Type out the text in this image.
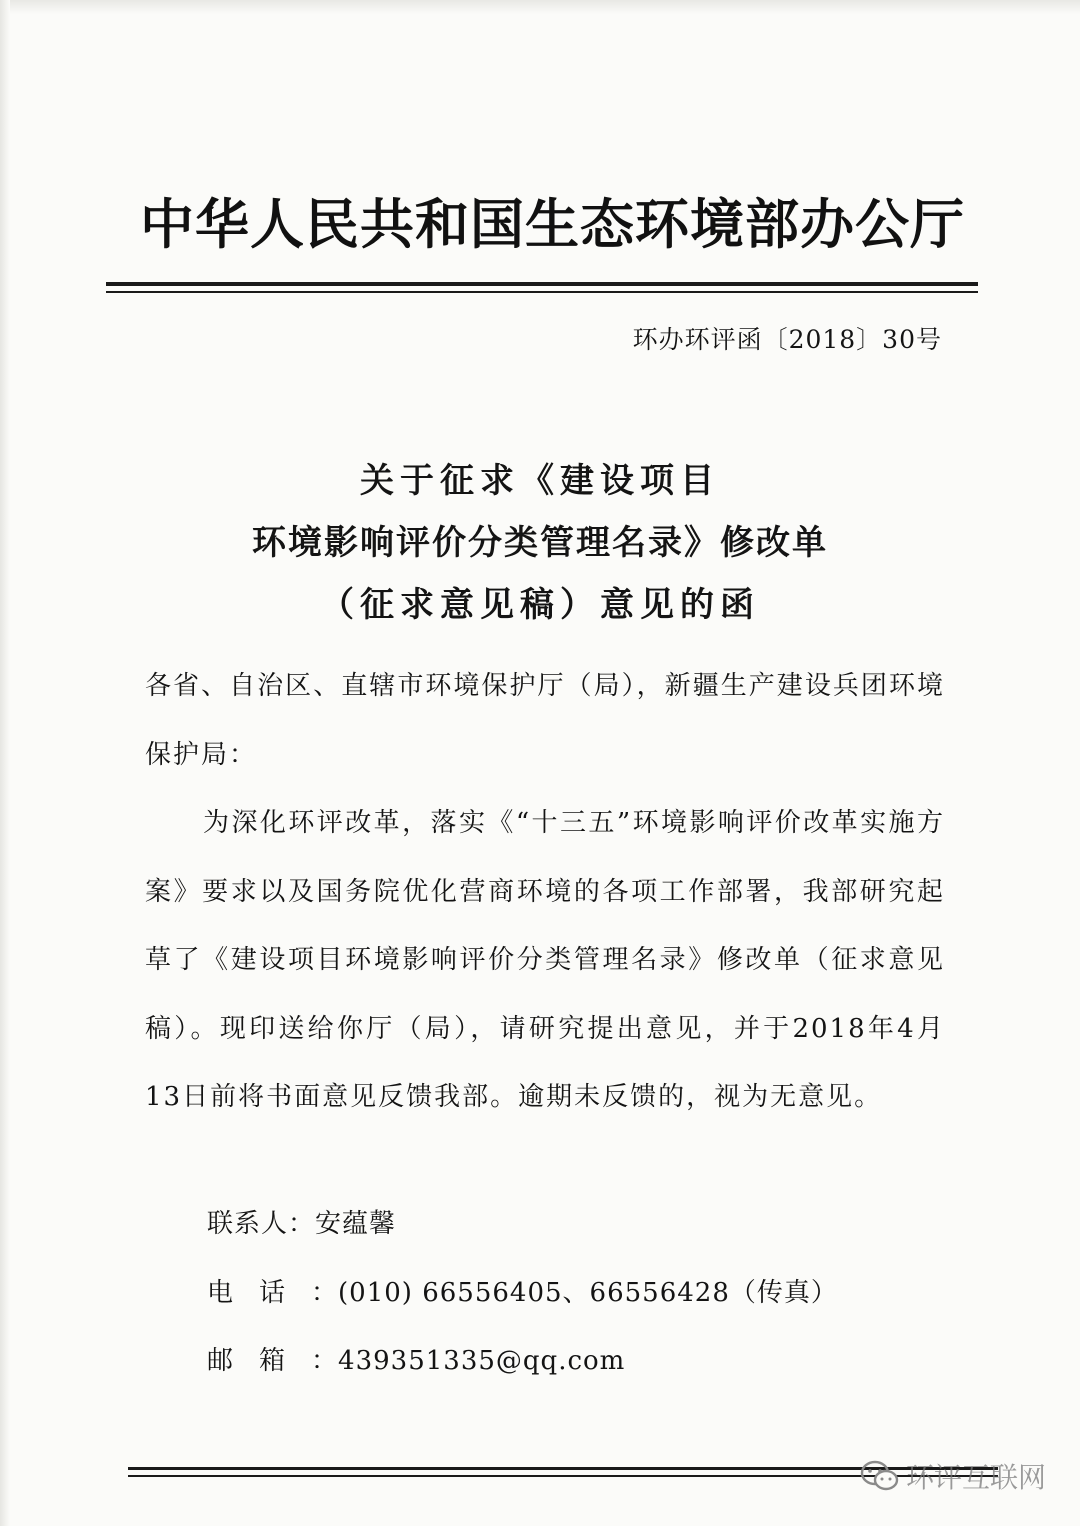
中华人民共和国生态环境部办公厅
环办环评函〔2018〕30号
关于征求《建设项目
环境影响评价分类管理名录》修改单
（征求意见稿）意见的函

各省、自治区、直辖市环境保护厅（局），新疆生产建设兵团环境保护局：

为深化环评改革，落实《“十三五”环境影响评价改革实施方案》要求以及国务院优化营商环境的各项工作部署，我部研究起草了《建设项目环境影响评价分类管理名录》修改单（征求意见稿）。现印送给你厅（局），请研究提出意见，并于2018年4月13日前将书面意见反馈我部。逾期未反馈的，视为无意见。

联系人：安蕴馨
电话：(010) 66556405、66556428（传真）
邮箱：439351335@qq.com
环评互联网
